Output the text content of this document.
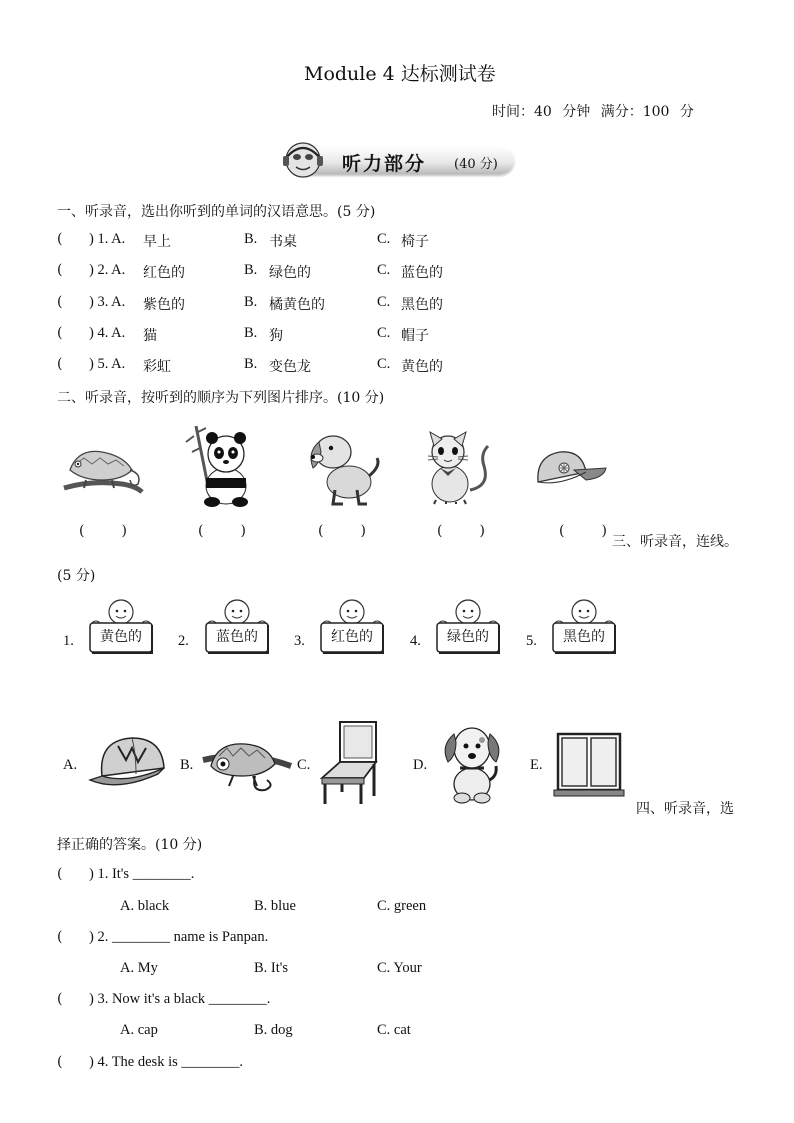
Module 4 达标测试卷
时间：40 分钟 满分：100 分
听力部分 (40 分)
一、听录音，选出你听到的单词的汉语意思。(5 分)
( ) 1. A. 早上	B. 书桌	C. 椅子
( ) 2. A. 红色的	B. 绿色的	C. 蓝色的
( ) 3. A. 紫色的	B. 橘黄色的	C. 黑色的
( ) 4. A. 猫	B. 狗	C. 帽子
( ) 5. A. 彩虹	B. 变色龙	C. 黄色的
二、听录音，按听到的顺序为下列图片排序。(10 分)
( )
( )
( )
( )
( )
三、听录音，连线。
(5 分)
1.	黄色的	2.	蓝色的	3.	红色的	4.	绿色的	5.	黑色的
A.	B.	C.	D.	E.
四、听录音，选
择正确的答案。(10 分)
( ) 1. It's ________.
A. black	B. blue	C. green
( ) 2. ________ name is Panpan.
A. My	B. It's	C. Your
( ) 3. Now it's a black ________.
A. cap	B. dog	C. cat
( ) 4. The desk is ________.
